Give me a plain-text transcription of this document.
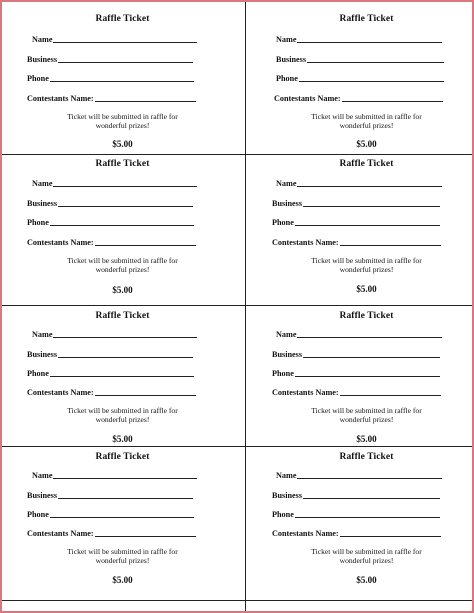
Raffle Ticket
Name
Business
Phone
Contestants Name:
Ticket will be submitted in raffle for
wonderful prizes!
$5.00
Raffle Ticket
Name
Business
Phone
Contestants Name:
Ticket will be submitted in raffle for
wonderful prizes!
$5.00
Raffle Ticket
Name
Business
Phone
Contestants Name:
Ticket will be submitted in raffle for
wonderful prizes!
$5.00
Raffle Ticket
Name
Business
Phone
Contestants Name:
Ticket will be submitted in raffle for
wonderful prizes!
$5.00
Raffle Ticket
Name
Business
Phone
Contestants Name:
Ticket will be submitted in raffle for
wonderful prizes!
$5.00
Raffle Ticket
Name
Business
Phone
Contestants Name:
Ticket will be submitted in raffle for
wonderful prizes!
$5.00
Raffle Ticket
Name
Business
Phone
Contestants Name:
Ticket will be submitted in raffle for
wonderful prizes!
$5.00
Raffle Ticket
Name
Business
Phone
Contestants Name:
Ticket will be submitted in raffle for
wonderful prizes!
$5.00
